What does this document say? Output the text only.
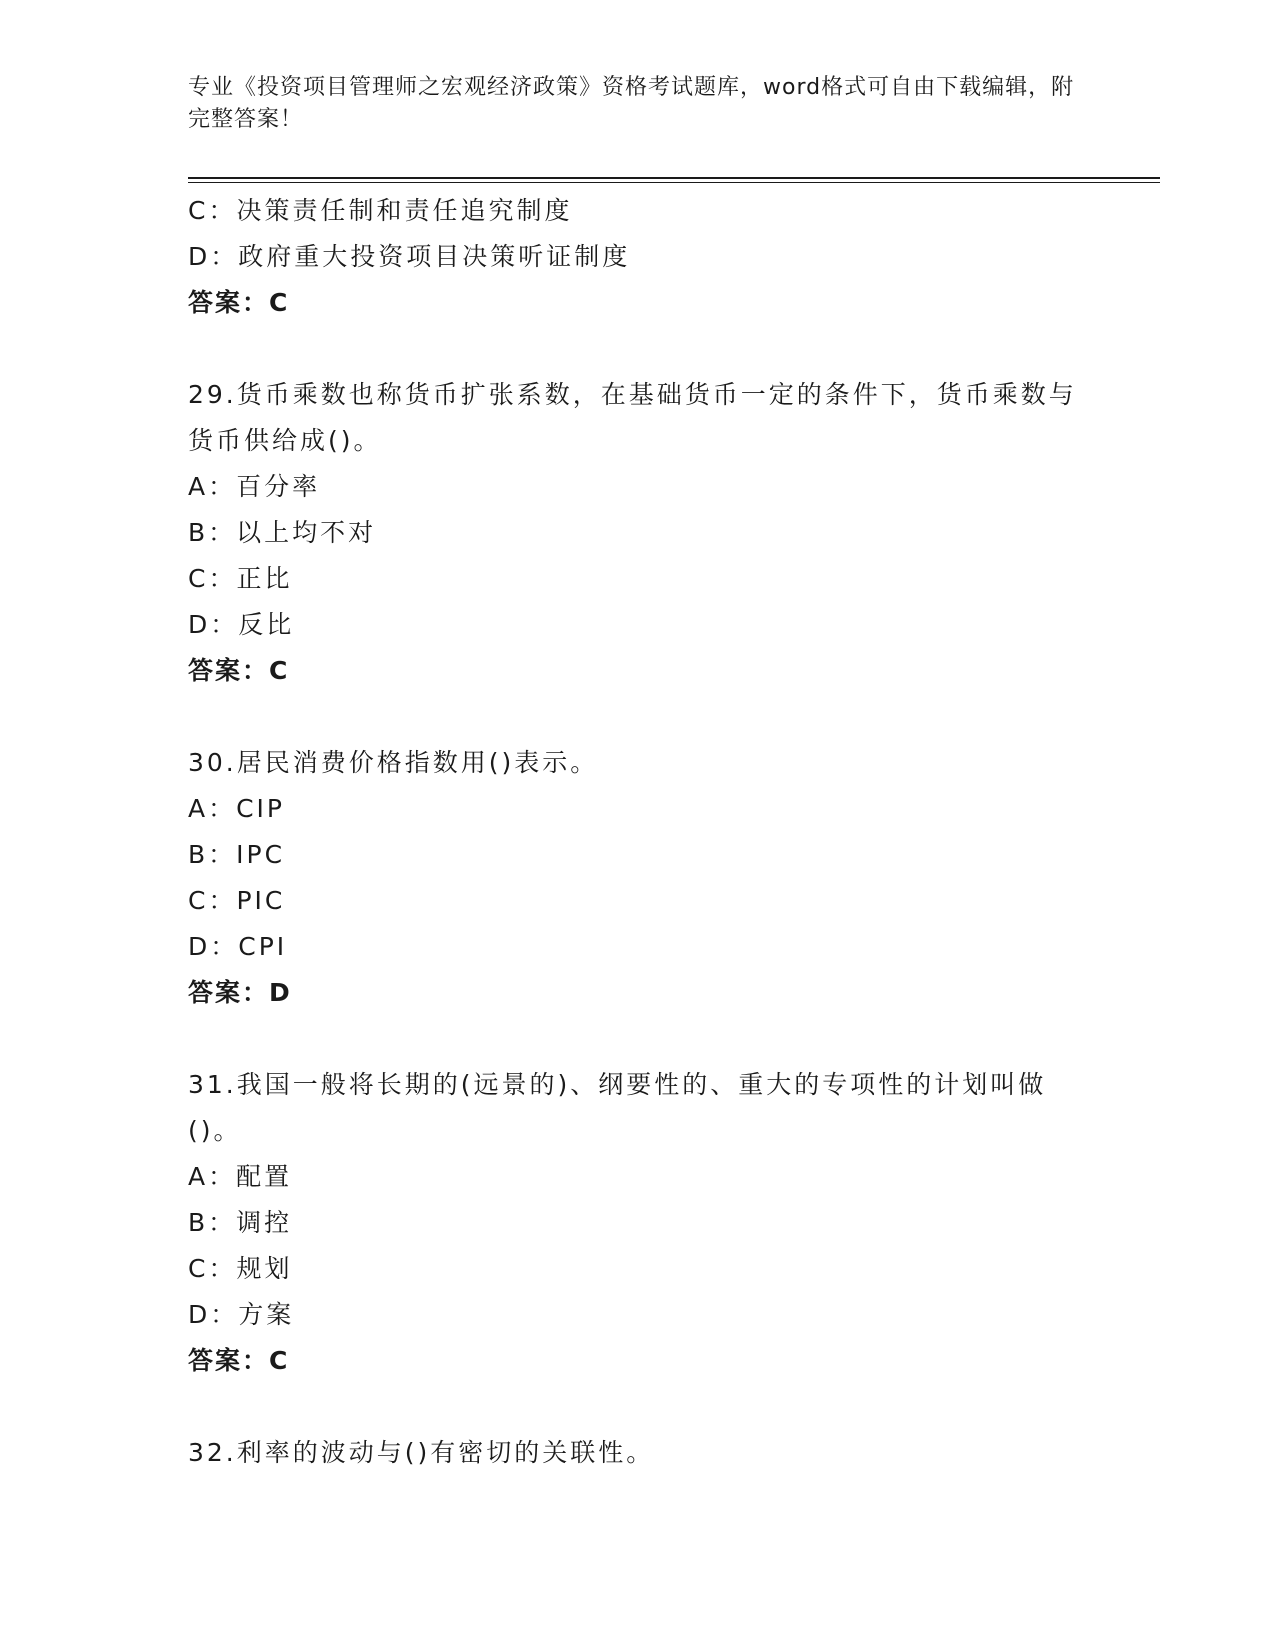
专业《投资项目管理师之宏观经济政策》资格考试题库，word格式可自由下载编辑，附完整答案！
C：决策责任制和责任追究制度
D：政府重大投资项目决策听证制度
答案：C
29.货币乘数也称货币扩张系数，在基础货币一定的条件下，货币乘数与货币供给成()。
A：百分率
B：以上均不对
C：正比
D：反比
答案：C
30.居民消费价格指数用()表示。
A：CIP
B：IPC
C：PIC
D：CPI
答案：D
31.我国一般将长期的(远景的)、纲要性的、重大的专项性的计划叫做()。
A：配置
B：调控
C：规划
D：方案
答案：C
32.利率的波动与()有密切的关联性。
